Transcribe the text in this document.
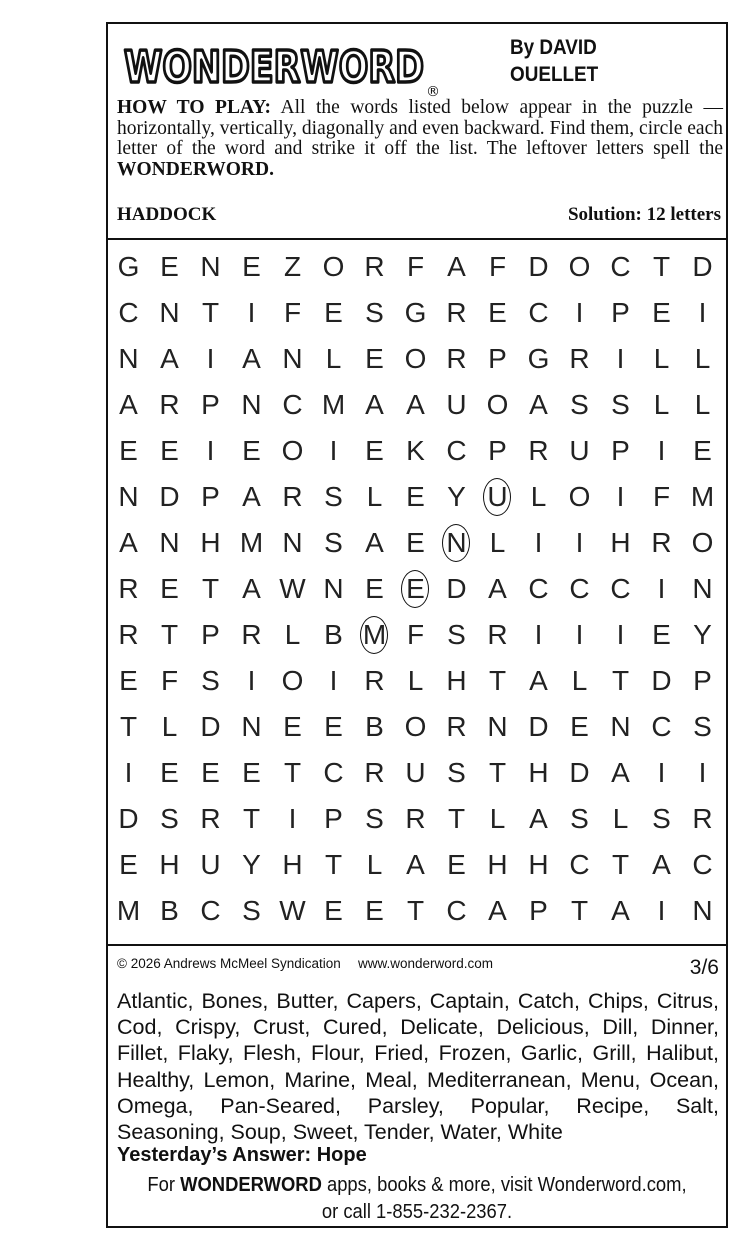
WONDERWORD ®
By DAVID
OUELLET
HOW TO PLAY: All the words listed below appear in the puzzle — horizontally, vertically, diagonally and even backward. Find them, circle each letter of the word and strike it off the list. The leftover letters spell the WONDERWORD.
HADDOCK	Solution: 12 letters
G E N E Z O R F A F D O C T D
C N T	I	F E S G R E C I P E I
N A I A N L E O R P G R I	L L
A R P N C M A A U O A S S L L
E E I E O I E K C P R U P I E
N D P A R S L E Y U L O I	F M
A N H M N S A E N L	I	I H R O
R E T A W N E E D A C C C I N
R T P R L B M F S R I	I	I E Y
E F S I O I R L H T A L T D P
T L D N E E B O R N D E N C S
I E E E T C R U S T H D A I	I
D S R T	I P S R T L A S L S R
E H U Y H T L A E H H C T A C
M B C S W E E T C A P T A I N
© 2026 Andrews McMeel Syndication www.wonderword.com	3/6
Atlantic, Bones, Butter, Capers, Captain, Catch, Chips, Citrus, Cod, Crispy, Crust, Cured, Delicate, Delicious, Dill, Dinner, Fillet, Flaky, Flesh, Flour, Fried, Frozen, Garlic, Grill, Halibut, Healthy, Lemon, Marine, Meal, Mediterranean, Menu, Ocean, Omega, Pan-Seared, Parsley, Popular, Recipe, Salt, Seasoning, Soup, Sweet, Tender, Water, White
Yesterday’s Answer: Hope
For WONDERWORD apps, books & more, visit Wonderword.com,
or call 1-855-232-2367.
